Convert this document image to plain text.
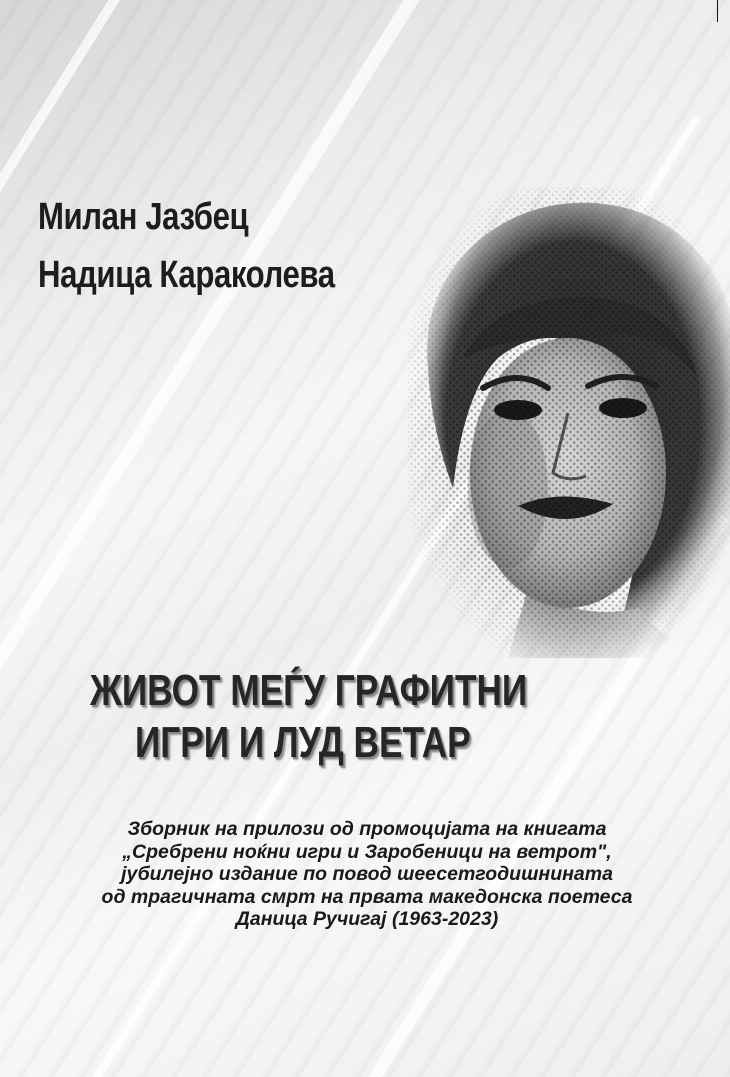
Милан Јазбец
Надица Караколева
ЖИВОТ МЕЃУ ГРАФИТНИ
ИГРИ И ЛУД ВЕТАР
Зборник на прилози од промоцијата на книгата
„Сребрени ноќни игри и Заробеници на ветрот",
јубилејно издание по повод шеесетгодишнината
од трагичната смрт на првата македонска поетеса
Даница Ручигај (1963-2023)
